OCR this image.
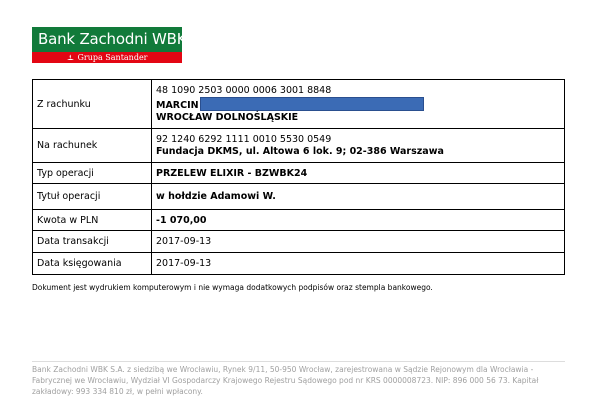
Bank Zachodni WBK
Grupa Santander
Z rachunku	48 1090 2503 0000 0006 3001 8848
MARCIN
WROCŁAW DOLNOŚLĄSKIE

Na rachunek	92 1240 6292 1111 0010 5530 0549
Fundacja DKMS, ul. Altowa 6 lok. 9; 02-386 Warszawa

Typ operacji	PRZELEW ELIXIR - BZWBK24
Tytuł operacji	w hołdzie Adamowi W.
Kwota w PLN	-1 070,00
Data transakcji	2017-09-13
Data księgowania	2017-09-13
Dokument jest wydrukiem komputerowym i nie wymaga dodatkowych podpisów oraz stempla bankowego.
Bank Zachodni WBK S.A. z siedzibą we Wrocławiu, Rynek 9/11, 50-950 Wrocław, zarejestrowana w Sądzie Rejonowym dla Wrocławia - Fabrycznej we Wrocławiu, Wydział VI Gospodarczy Krajowego Rejestru Sądowego pod nr KRS 0000008723. NIP: 896 000 56 73. Kapitał zakładowy: 993 334 810 zł, w pełni wpłacony.
